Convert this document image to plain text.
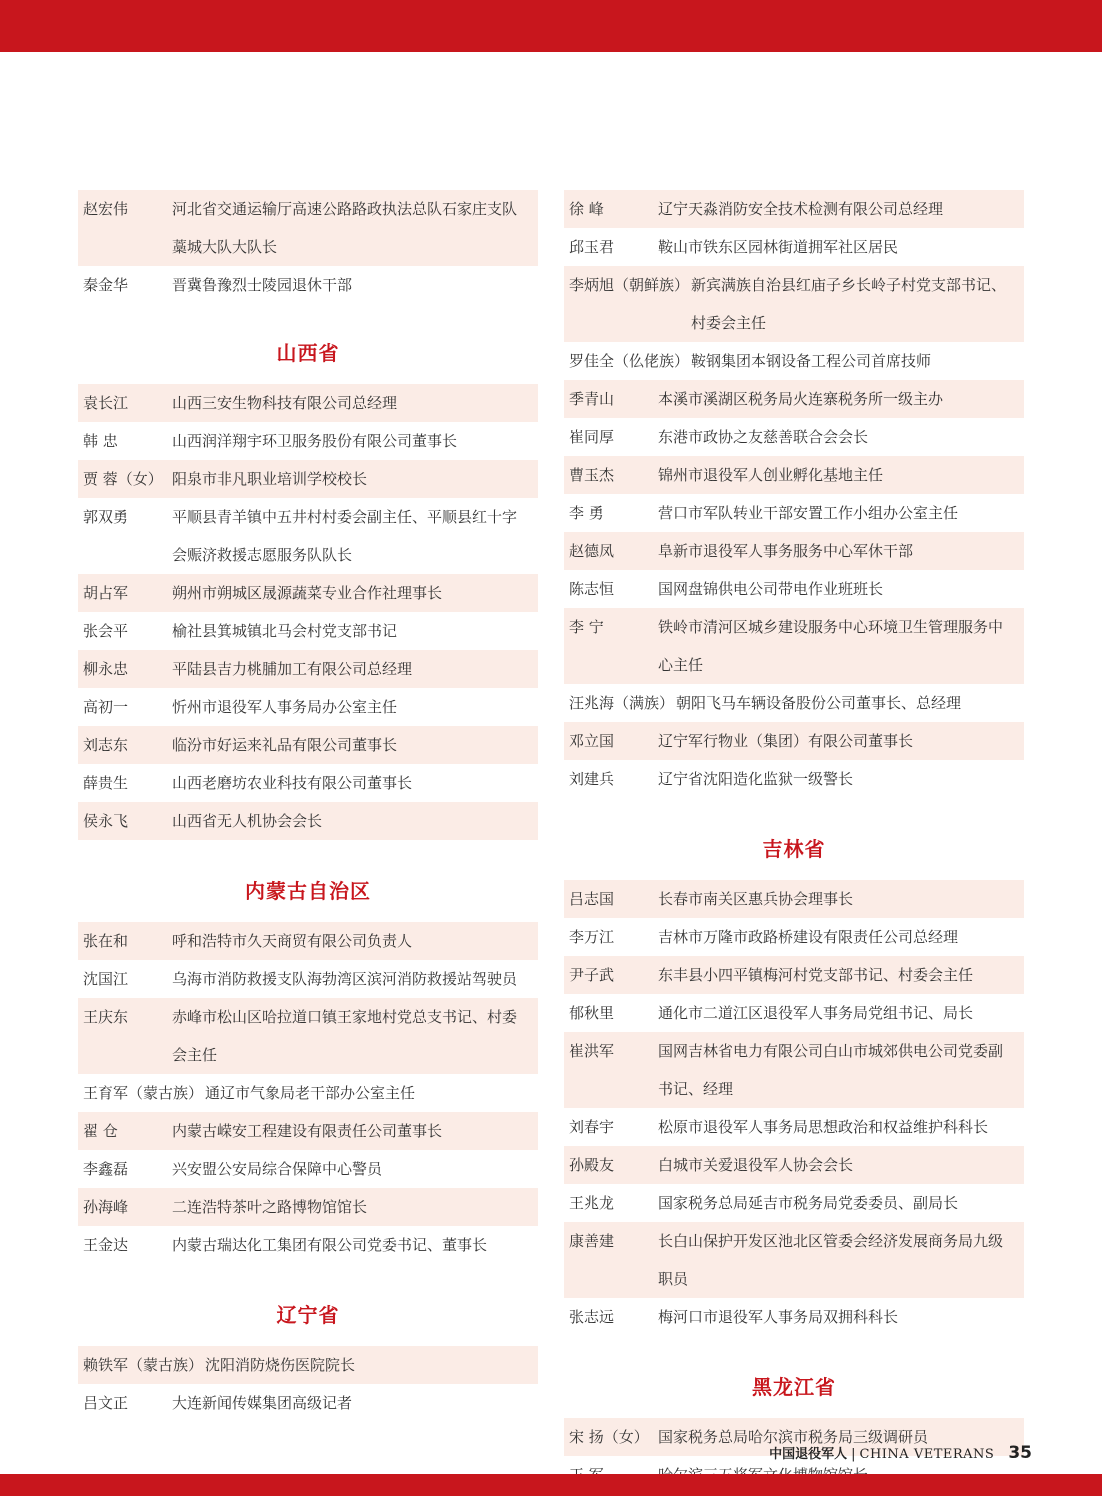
赵宏伟	河北省交通运输厅高速公路路政执法总队石家庄支队藁城大队大队长
秦金华	晋冀鲁豫烈士陵园退休干部
山西省
袁长江	山西三安生物科技有限公司总经理
韩 忠	山西润洋翔宇环卫服务股份有限公司董事长
贾 蓉（女） 阳泉市非凡职业培训学校校长
郭双勇	平顺县青羊镇中五井村村委会副主任、平顺县红十字会赈济救援志愿服务队队长
胡占军	朔州市朔城区晟源蔬菜专业合作社理事长
张会平	榆社县箕城镇北马会村党支部书记
柳永忠	平陆县吉力桃脯加工有限公司总经理
高初一	忻州市退役军人事务局办公室主任
刘志东	临汾市好运来礼品有限公司董事长
薛贵生	山西老磨坊农业科技有限公司董事长
侯永飞	山西省无人机协会会长
内蒙古自治区
张在和	呼和浩特市久天商贸有限公司负责人
沈国江	乌海市消防救援支队海勃湾区滨河消防救援站驾驶员
王庆东	赤峰市松山区哈拉道口镇王家地村党总支书记、村委会主任
王育军（蒙古族） 通辽市气象局老干部办公室主任
翟 仓	内蒙古嵘安工程建设有限责任公司董事长
李鑫磊	兴安盟公安局综合保障中心警员
孙海峰	二连浩特茶叶之路博物馆馆长
王金达	内蒙古瑞达化工集团有限公司党委书记、董事长
辽宁省
赖铁军（蒙古族） 沈阳消防烧伤医院院长
吕文正	大连新闻传媒集团高级记者
徐 峰	辽宁天淼消防安全技术检测有限公司总经理
邱玉君	鞍山市铁东区园林街道拥军社区居民
李炳旭（朝鲜族） 新宾满族自治县红庙子乡长岭子村党支部书记、村委会主任
罗佳全（仫佬族） 鞍钢集团本钢设备工程公司首席技师
季青山	本溪市溪湖区税务局火连寨税务所一级主办
崔同厚	东港市政协之友慈善联合会会长
曹玉杰	锦州市退役军人创业孵化基地主任
李 勇	营口市军队转业干部安置工作小组办公室主任
赵德凤	阜新市退役军人事务服务中心军休干部
陈志恒	国网盘锦供电公司带电作业班班长
李 宁	铁岭市清河区城乡建设服务中心环境卫生管理服务中心主任
汪兆海（满族） 朝阳飞马车辆设备股份公司董事长、总经理
邓立国	辽宁军行物业（集团）有限公司董事长
刘建兵	辽宁省沈阳造化监狱一级警长
吉林省
吕志国	长春市南关区惠兵协会理事长
李万江	吉林市万隆市政路桥建设有限责任公司总经理
尹子武	东丰县小四平镇梅河村党支部书记、村委会主任
郁秋里	通化市二道江区退役军人事务局党组书记、局长
崔洪军	国网吉林省电力有限公司白山市城郊供电公司党委副书记、经理
刘春宇	松原市退役军人事务局思想政治和权益维护科科长
孙殿友	白城市关爱退役军人协会会长
王兆龙	国家税务总局延吉市税务局党委委员、副局长
康善建	长白山保护开发区池北区管委会经济发展商务局九级职员
张志远	梅河口市退役军人事务局双拥科科长
黑龙江省
宋 扬（女） 国家税务总局哈尔滨市税务局三级调研员
中国退役军人 | CHINA VETERANS 35
